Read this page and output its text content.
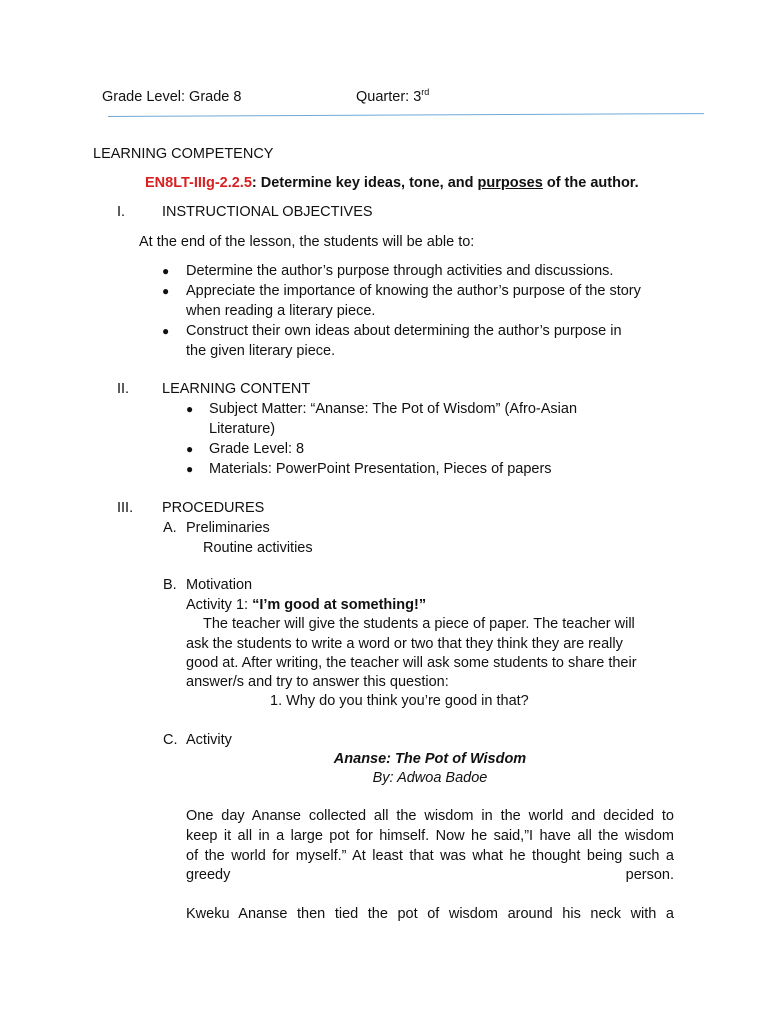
Grade Level: Grade 8	Quarter: 3rd
LEARNING COMPETENCY
EN8LT-IIIg-2.2.5: Determine key ideas, tone, and purposes of the author.
I.	INSTRUCTIONAL OBJECTIVES
At the end of the lesson, the students will be able to:
● Determine the author’s purpose through activities and discussions.
● Appreciate the importance of knowing the author’s purpose of the story
when reading a literary piece.
● Construct their own ideas about determining the author’s purpose in
the given literary piece.
II. LEARNING CONTENT
● Subject Matter: “Ananse: The Pot of Wisdom” (Afro-Asian
Literature)
● Grade Level: 8
● Materials: PowerPoint Presentation, Pieces of papers
III. PROCEDURES
A. Preliminaries
Routine activities
B. Motivation
Activity 1: “I’m good at something!”
The teacher will give the students a piece of paper. The teacher will
ask the students to write a word or two that they think they are really
good at. After writing, the teacher will ask some students to share their
answer/s and try to answer this question:
1. Why do you think you’re good in that?
C. Activity
Ananse: The Pot of Wisdom
By: Adwoa Badoe
One day Ananse collected all the wisdom in the world and decided to
keep it all in a large pot for himself. Now he said,”I have all the wisdom
of the world for myself.” At least that was what he thought being such a
greedy	person.
Kweku Ananse then tied the pot of wisdom around his neck with a
